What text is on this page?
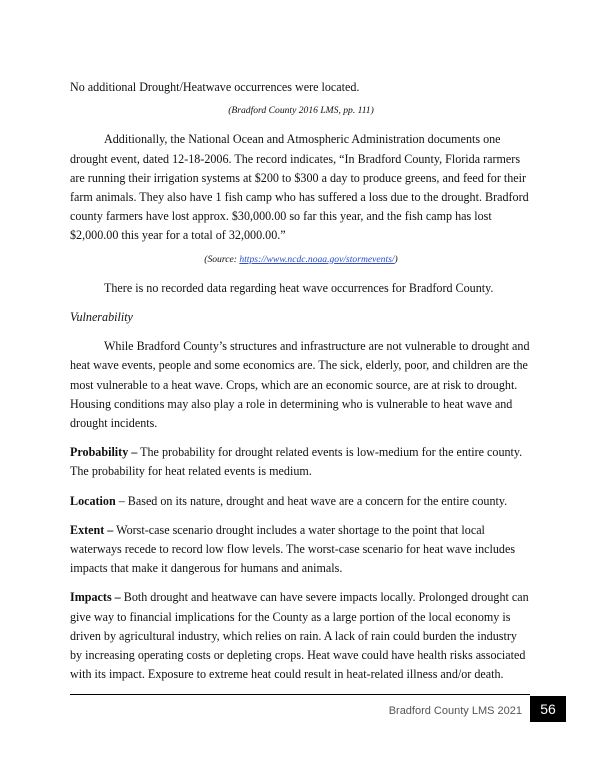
No additional Drought/Heatwave occurrences were located.

(Bradford County 2016 LMS, pp. 111)

Additionally, the National Ocean and Atmospheric Administration documents one drought event, dated 12-18-2006. The record indicates, “In Bradford County, Florida rarmers are running their irrigation systems at $200 to $300 a day to produce greens, and feed for their farm animals. They also have 1 fish camp who has suffered a loss due to the drought. Bradford county farmers have lost approx. $30,000.00 so far this year, and the fish camp has lost $2,000.00 this year for a total of 32,000.00.”

(Source: https://www.ncdc.noaa.gov/stormevents/)

There is no recorded data regarding heat wave occurrences for Bradford County.

Vulnerability

While Bradford County’s structures and infrastructure are not vulnerable to drought and heat wave events, people and some economics are. The sick, elderly, poor, and children are the most vulnerable to a heat wave. Crops, which are an economic source, are at risk to drought. Housing conditions may also play a role in determining who is vulnerable to heat wave and drought incidents.

Probability – The probability for drought related events is low-medium for the entire county. The probability for heat related events is medium.

Location – Based on its nature, drought and heat wave are a concern for the entire county.

Extent – Worst-case scenario drought includes a water shortage to the point that local waterways recede to record low flow levels. The worst-case scenario for heat wave includes impacts that make it dangerous for humans and animals.

Impacts – Both drought and heatwave can have severe impacts locally. Prolonged drought can give way to financial implications for the County as a large portion of the local economy is driven by agricultural industry, which relies on rain. A lack of rain could burden the industry by increasing operating costs or depleting crops. Heat wave could have health risks associated with its impact. Exposure to extreme heat could result in heat-related illness and/or death.

Bradford County LMS 2021	56
